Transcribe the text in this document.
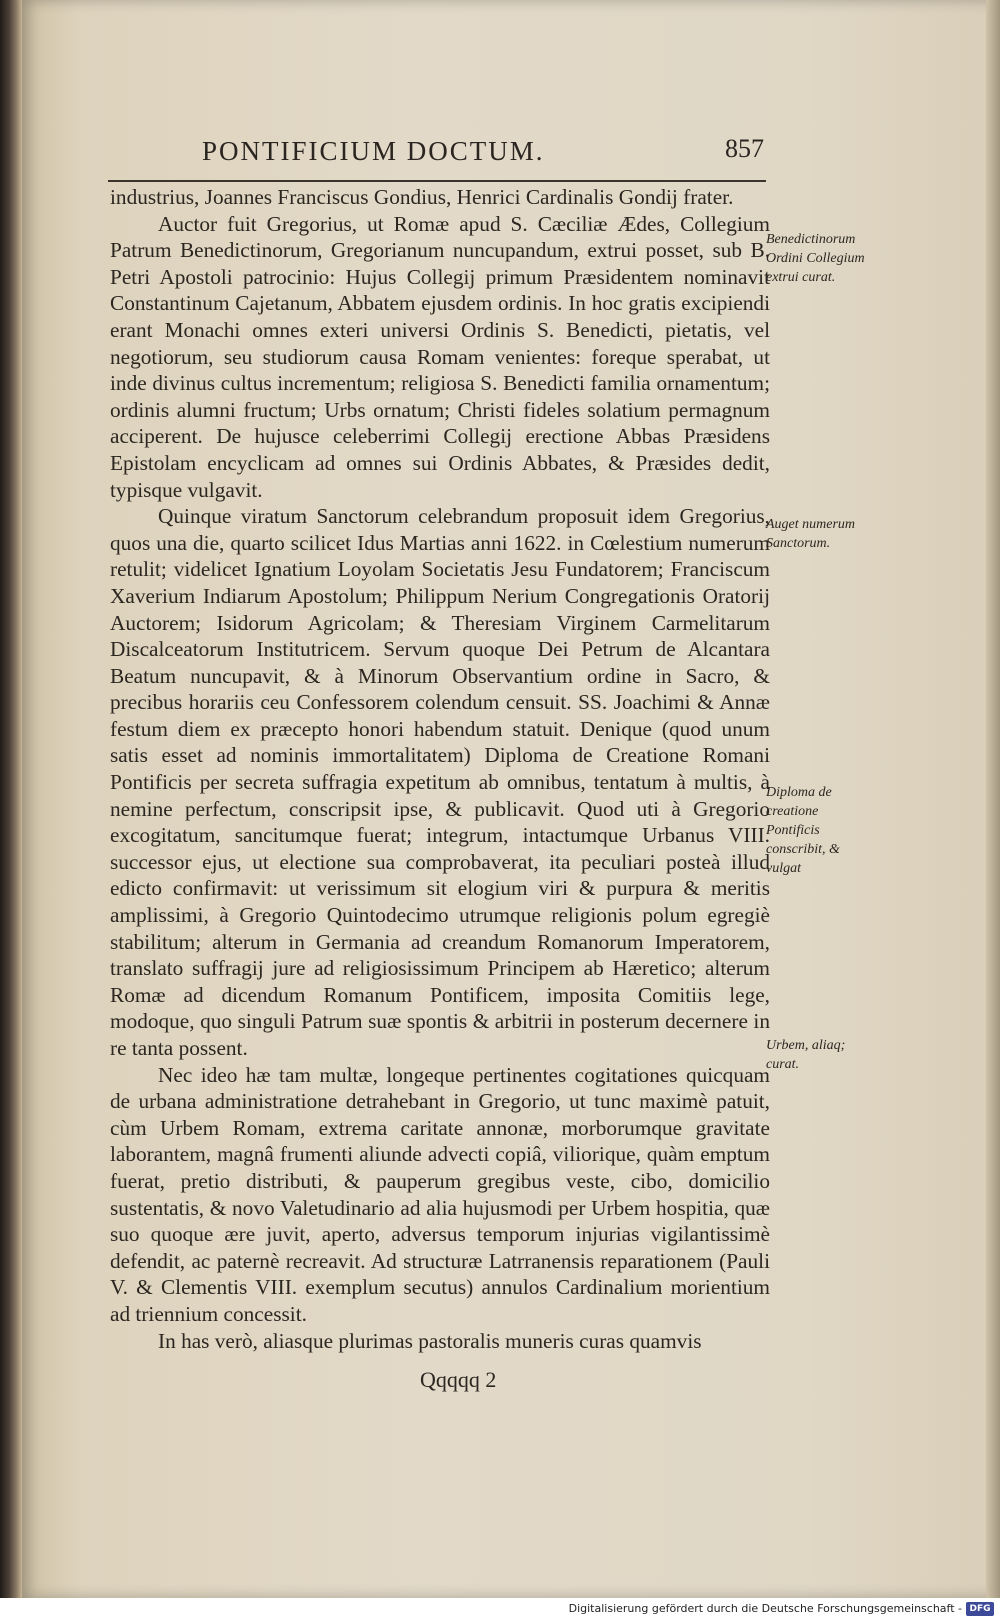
PONTIFICIUM DOCTUM.	857

industrius, Joannes Franciscus Gondius, Henrici Cardinalis Gondij frater.

Auctor fuit Gregorius, ut Romæ apud S. Cæciliæ Ædes, Collegium Patrum Benedictinorum, Gregorianum nuncupandum, extrui posset, sub B. Petri Apostoli patrocinio: Hujus Collegij primum Præsidentem nominavit Constantinum Cajetanum, Abbatem ejusdem ordinis. In hoc gratis excipiendi erant Monachi omnes exteri universi Ordinis S. Benedicti, pietatis, vel negotiorum, seu studiorum causa Romam venientes: foreque sperabat, ut inde divinus cultus incrementum; religiosa S. Benedicti familia ornamentum; ordinis alumni fructum; Urbs ornatum; Christi fideles solatium permagnum acciperent. De hujusce celeberrimi Collegij erectione Abbas Præsidens Epistolam encyclicam ad omnes sui Ordinis Abbates, & Præsides dedit, typisque vulgavit.

Quinque viratum Sanctorum celebrandum proposuit idem Gregorius, quos una die, quarto scilicet Idus Martias anni 1622. in Cœlestium numerum retulit; videlicet Ignatium Loyolam Societatis Jesu Fundatorem; Franciscum Xaverium Indiarum Apostolum; Philippum Nerium Congregationis Oratorij Auctorem; Isidorum Agricolam; & Theresiam Virginem Carmelitarum Discalceatorum Institutricem. Servum quoque Dei Petrum de Alcantara Beatum nuncupavit, & à Minorum Observantium ordine in Sacro, & precibus horariis ceu Confessorem colendum censuit. SS. Joachimi & Annæ festum diem ex præcepto honori habendum statuit. Denique (quod unum satis esset ad nominis immortalitatem) Diploma de Creatione Romani Pontificis per secreta suffragia expetitum ab omnibus, tentatum à multis, à nemine perfectum, conscripsit ipse, & publicavit. Quod uti à Gregorio excogitatum, sancitumque fuerat; integrum, intactumque Urbanus VIII. successor ejus, ut electione sua comprobaverat, ita peculiari posteà illud edicto confirmavit: ut verissimum sit elogium viri & purpura & meritis amplissimi, à Gregorio Quintodecimo utrumque religionis polum egregiè stabilitum; alterum in Germania ad creandum Romanorum Imperatorem, translato suffragij jure ad religiosissimum Principem ab Hæretico; alterum Romæ ad dicendum Romanum Pontificem, imposita Comitiis lege, modoque, quo singuli Patrum suæ spontis & arbitrii in posterum decernere in re tanta possent.

Nec ideo hæ tam multæ, longeque pertinentes cogitationes quicquam de urbana administratione detrahebant in Gregorio, ut tunc maximè patuit, cùm Urbem Romam, extrema caritate annonæ, morborumque gravitate laborantem, magnâ frumenti aliunde advecti copiâ, viliorique, quàm emptum fuerat, pretio distributi, & pauperum gregibus veste, cibo, domicilio sustentatis, & novo Valetudinario ad alia hujusmodi per Urbem hospitia, quæ suo quoque ære juvit, aperto, adversus temporum injurias vigilantissimè defendit, ac paternè recreavit. Ad structuræ Latrranensis reparationem (Pauli V. & Clementis VIII. exemplum secutus) annulos Cardinalium morientium ad triennium concessit.

In has verò, aliasque plurimas pastoralis muneris curas quamvis

Benedictinorum Ordini Collegium extrui curat.
Auget numerum Sanctorum.
Diploma de creatione Pontificis conscribit, & vulgat
Urbem, aliaq; curat.
Qqqqq 2
Digitalisierung gefördert durch die Deutsche Forschungsgemeinschaft - DFG
